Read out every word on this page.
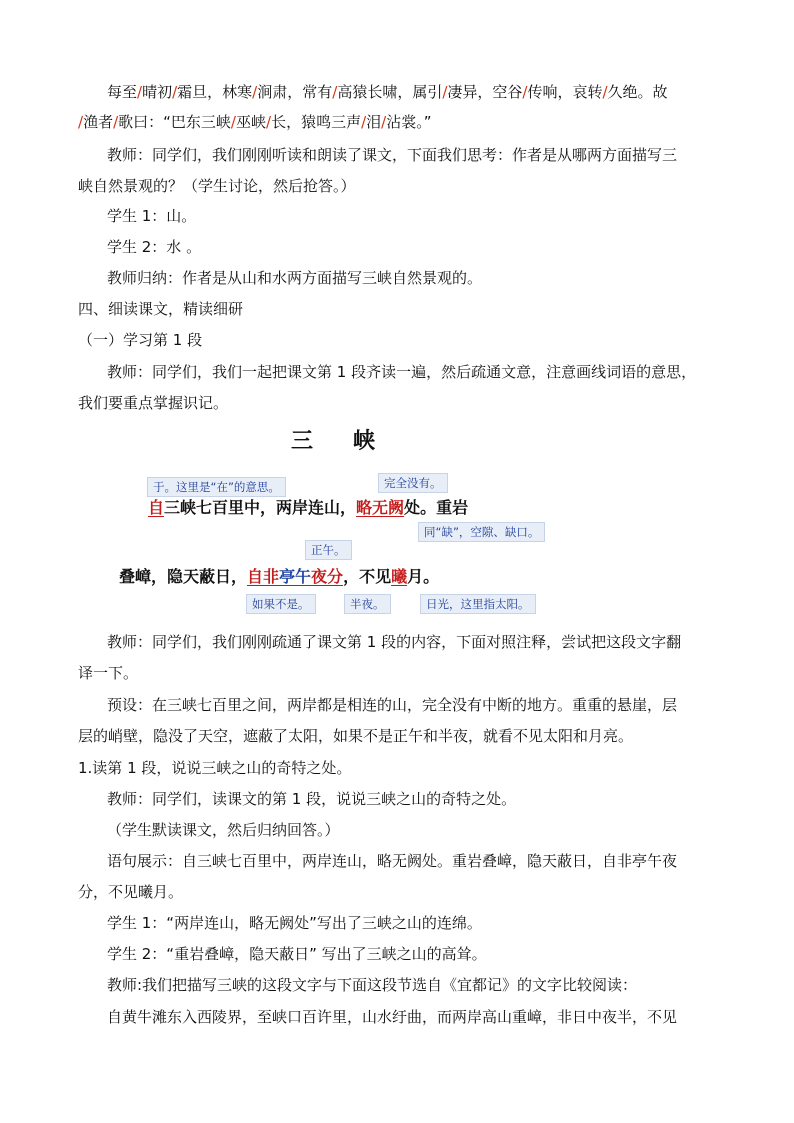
每至/晴初/霜旦，林寒/涧肃，常有/高猿长啸，属引/凄异，空谷/传响，哀转/久绝。故

/渔者/歌曰：“巴东三峡/巫峡/长，猿鸣三声/泪/沾裳。”

教师：同学们，我们刚刚听读和朗读了课文，下面我们思考：作者是从哪两方面描写三

峡自然景观的？（学生讨论，然后抢答。）

学生 1：山。

学生 2：水 。

教师归纳：作者是从山和水两方面描写三峡自然景观的。

四、细读课文，精读细研

（一）学习第 1 段

教师：同学们，我们一起把课文第 1 段齐读一遍，然后疏通文意，注意画线词语的意思，

我们要重点掌握识记。

三 峡
于。这里是“在”的意思。	完全没有。
自三峡七百里中，两岸连山，略无阙处。重岩
同“缺”，空隙、缺口。
正午。
叠嶂，隐天蔽日，自非亭午夜分，不见曦月。
如果不是。	半夜。	日光，这里指太阳。

教师：同学们，我们刚刚疏通了课文第 1 段的内容，下面对照注释，尝试把这段文字翻

译一下。

预设：在三峡七百里之间，两岸都是相连的山，完全没有中断的地方。重重的悬崖，层

层的峭壁，隐没了天空，遮蔽了太阳，如果不是正午和半夜，就看不见太阳和月亮。

1.读第 1 段，说说三峡之山的奇特之处。

教师：同学们，读课文的第 1 段，说说三峡之山的奇特之处。

（学生默读课文，然后归纳回答。）

语句展示：自三峡七百里中，两岸连山，略无阙处。重岩叠嶂，隐天蔽日，自非亭午夜

分，不见曦月。

学生 1：“两岸连山，略无阙处”写出了三峡之山的连绵。

学生 2：“重岩叠嶂，隐天蔽日” 写出了三峡之山的高耸。

教师:我们把描写三峡的这段文字与下面这段节选自《宜都记》的文字比较阅读：

自黄牛滩东入西陵界，至峡口百许里，山水纡曲，而两岸高山重嶂，非日中夜半，不见
